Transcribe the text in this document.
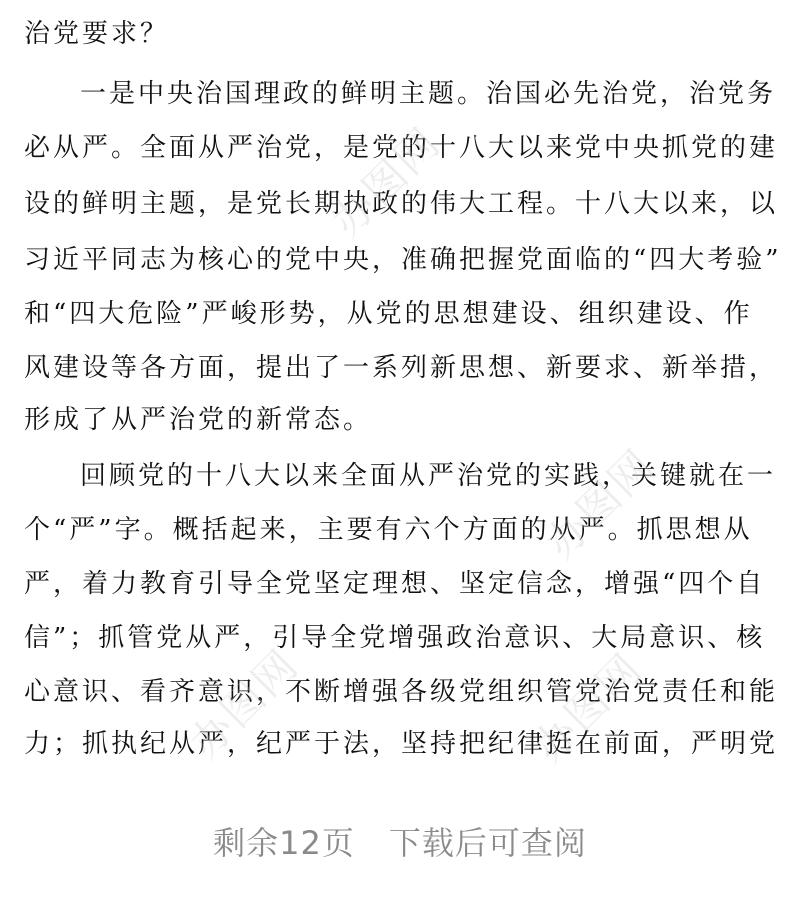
治党要求？
一是中央治国理政的鲜明主题。治国必先治党，治党务
必从严。全面从严治党，是党的十八大以来党中央抓党的建
设的鲜明主题，是党长期执政的伟大工程。十八大以来，以
习近平同志为核心的党中央，准确把握党面临的“四大考验”
和“四大危险”严峻形势，从党的思想建设、组织建设、作
风建设等各方面，提出了一系列新思想、新要求、新举措，
形成了从严治党的新常态。
回顾党的十八大以来全面从严治党的实践，关键就在一
个“严”字。概括起来，主要有六个方面的从严。抓思想从
严，着力教育引导全党坚定理想、坚定信念，增强“四个自
信”；抓管党从严，引导全党增强政治意识、大局意识、核
心意识、看齐意识，不断增强各级党组织管党治党责任和能
力；抓执纪从严，纪严于法，坚持把纪律挺在前面，严明党
办图网
办图网
办图网	办图网
剩余12页 下载后可查阅
